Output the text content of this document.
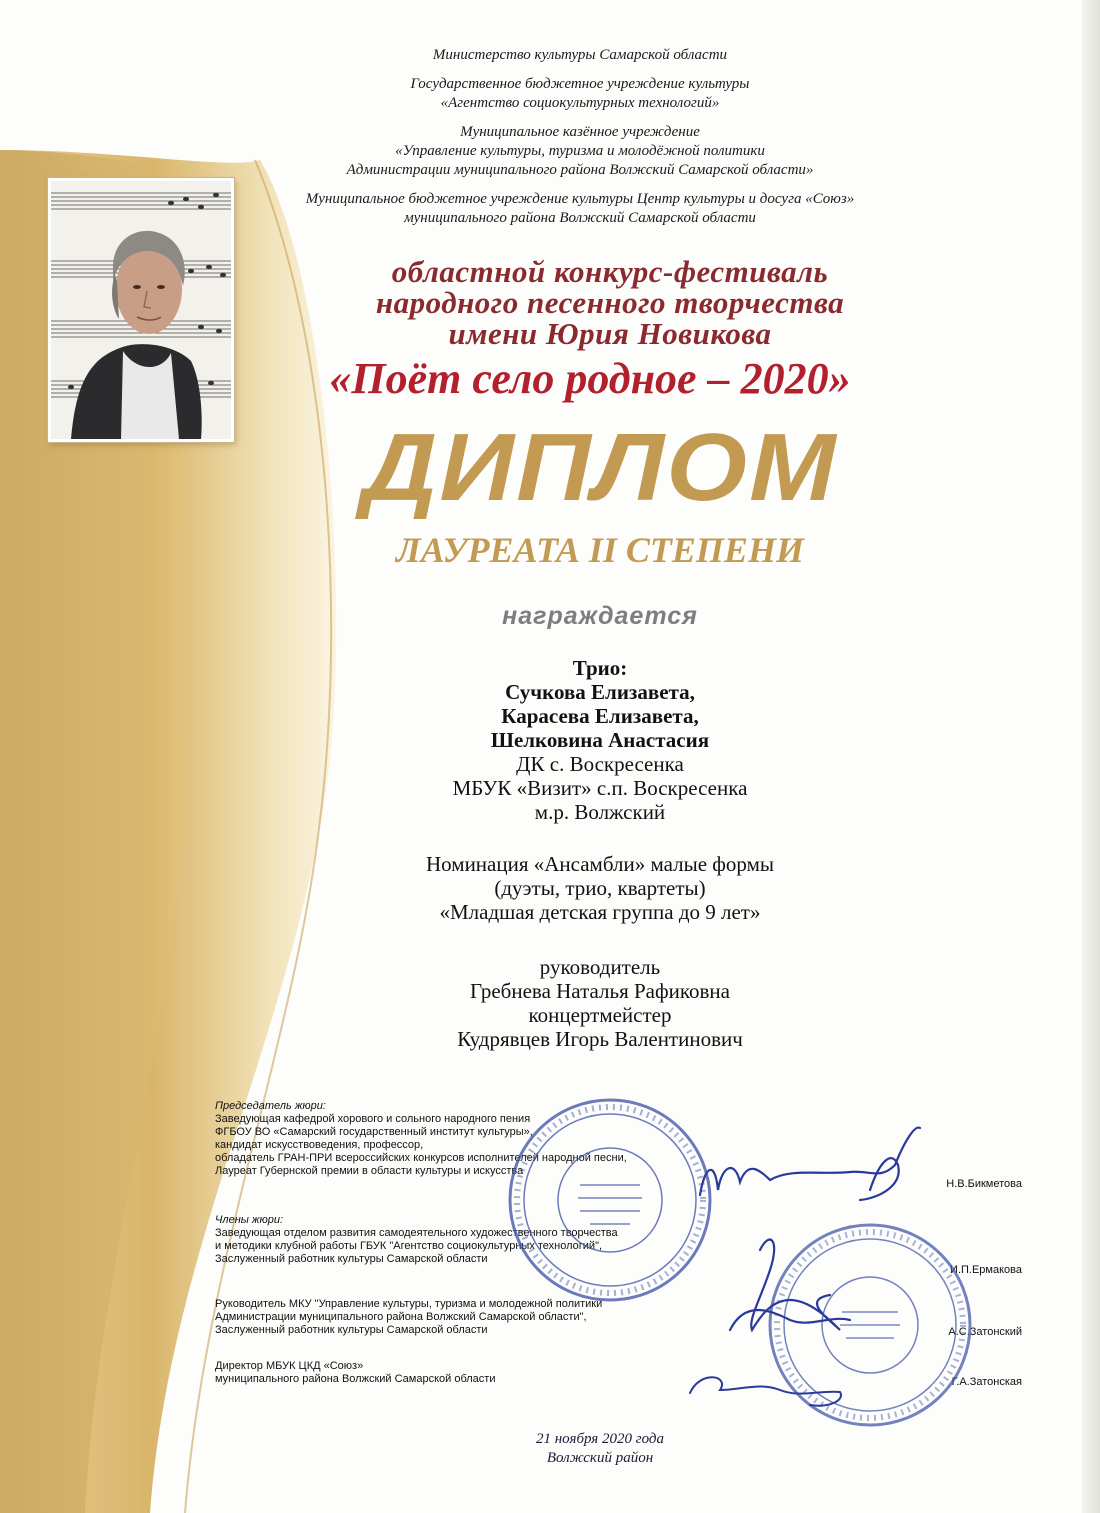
Министерство культуры Самарской области
Государственное бюджетное учреждение культуры
«Агентство социокультурных технологий»
Муниципальное казённое учреждение
«Управление культуры, туризма и молодёжной политики
Администрации муниципального района Волжский Самарской области»
Муниципальное бюджетное учреждение культуры Центр культуры и досуга «Союз»
муниципального района Волжский Самарской области
областной конкурс-фестиваль
народного песенного творчества
имени Юрия Новикова
«Поёт село родное – 2020»
ДИПЛОМ
ЛАУРЕАТА II СТЕПЕНИ
награждается
Трио:
Сучкова Елизавета,
Карасева Елизавета,
Шелковина Анастасия
ДК с. Воскресенка
МБУК «Визит» с.п. Воскресенка
м.р. Волжский
Номинация «Ансамбли» малые формы
(дуэты, трио, квартеты)
«Младшая детская группа до 9 лет»
руководитель
Гребнева Наталья Рафиковна
концертмейстер
Кудрявцев Игорь Валентинович
Председатель жюри:
Заведующая кафедрой хорового и сольного народного пения
ФГБОУ ВО «Самарский государственный институт культуры»,
кандидат искусствоведения, профессор,
обладатель ГРАН-ПРИ всероссийских конкурсов исполнителей народной песни,
Лауреат Губернской премии в области культуры и искусства
Н.В.Бикметова
Члены жюри:
Заведующая отделом развития самодеятельного художественного творчества
и методики клубной работы ГБУК "Агентство социокультурных технологий",
Заслуженный работник культуры Самарской области
И.П.Ермакова
Руководитель МКУ "Управление культуры, туризма и молодежной политики
Администрации муниципального района Волжский Самарской области",
Заслуженный работник культуры Самарской области	А.С.Затонский
Директор МБУК ЦКД «Союз»
муниципального района Волжский Самарской области	Г.А.Затонская
21 ноября 2020 года
Волжский район
